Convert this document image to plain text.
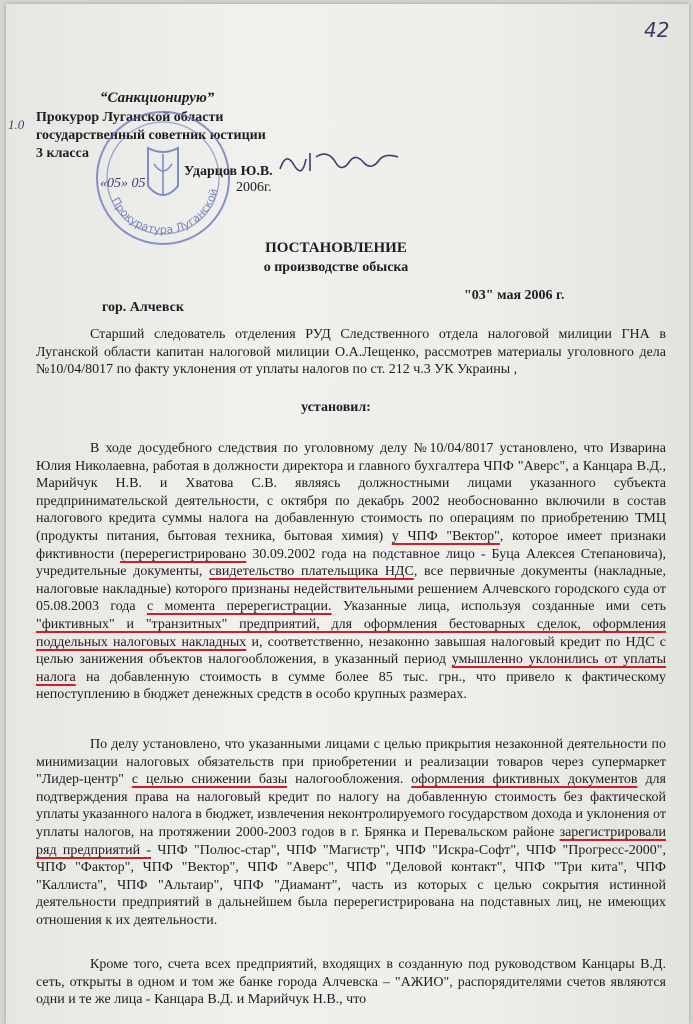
42
“Санкционирую”
Прокурор Луганской области
государственный советник юстиции
3 класса
1.0
Прокуратура Луганской
Ударцов Ю.В.
«05» 05	2006г.
ПОСТАНОВЛЕНИЕ
о производстве обыска
"03" мая 2006 г.
гор. Алчевск

Старший следователь отделения РУД Следственного отдела налоговой милиции ГНА в Луганской области капитан налоговой милиции О.А.Лещенко, рассмотрев материалы уголовного дела №10/04/8017 по факту уклонения от уплаты налогов по ст. 212 ч.3 УК Украины ,

установил:

В ходе досудебного следствия по уголовному делу №10/04/8017 установлено, что Изварина Юлия Николаевна, работая в должности директора и главного бухгалтера ЧПФ "Аверс", а Канцара В.Д., Марийчук Н.В. и Хватова С.В. являясь должностными лицами указанного субъекта предпринимательской деятельности, с октября по декабрь 2002 необоснованно включили в состав налогового кредита суммы налога на добавленную стоимость по операциям по приобретению ТМЦ (продукты питания, бытовая техника, бытовая химия) у ЧПФ "Вектор", которое имеет признаки фиктивности (перерегистрировано 30.09.2002 года на подставное лицо - Буца Алексея Степановича), учредительные документы, свидетельство плательщика НДС, все первичные документы (накладные, налоговые накладные) которого признаны недействительными решением Алчевского городского суда от 05.08.2003 года с момента перерегистрации. Указанные лица, используя созданные ими сеть "фиктивных" и "транзитных" предприятий, для оформления бестоварных сделок, оформления поддельных налоговых накладных и, соответственно, незаконно завышая налоговый кредит по НДС с целью занижения объектов налогообложения, в указанный период умышленно уклонились от уплаты налога на добавленную стоимость в сумме более 85 тыс. грн., что привело к фактическому непоступлению в бюджет денежных средств в особо крупных размерах.

По делу установлено, что указанными лицами с целью прикрытия незаконной деятельности по минимизации налоговых обязательств при приобретении и реализации товаров через супермаркет "Лидер-центр" с целью снижении базы налогообложения. оформления фиктивных документов для подтверждения права на налоговый кредит по налогу на добавленную стоимость без фактической уплаты указанного налога в бюджет, извлечения неконтролируемого государством дохода и уклонения от уплаты налогов, на протяжении 2000-2003 годов в г. Брянка и Перевальском районе зарегистрировали ряд предприятий - ЧПФ "Полюс-стар", ЧПФ "Магистр", ЧПФ "Искра-Софт", ЧПФ "Прогресс-2000", ЧПФ "Фактор", ЧПФ "Вектор", ЧПФ "Аверс", ЧПФ "Деловой контакт", ЧПФ "Три кита", ЧПФ "Каллиста", ЧПФ "Альтаир", ЧПФ "Диамант", часть из которых с целью сокрытия истинной деятельности предприятий в дальнейшем была перерегистрирована на подставных лиц, не имеющих отношения к их деятельности.

Кроме того, счета всех предприятий, входящих в созданную под руководством Канцары В.Д. сеть, открыты в одном и том же банке города Алчевска – "АЖИО", распорядителями счетов являются одни и те же лица - Канцара В.Д. и Марийчук Н.В., что
